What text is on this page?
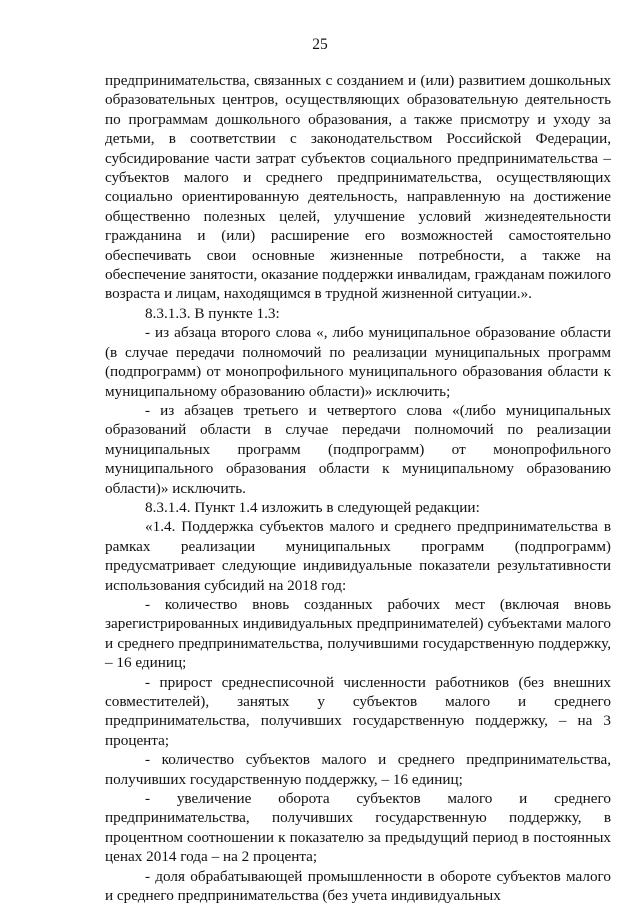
25

предпринимательства, связанных с созданием и (или) развитием дошкольных образовательных центров, осуществляющих образовательную деятельность по программам дошкольного образования, а также присмотру и уходу за детьми, в соответствии с законодательством Российской Федерации, субсидирование части затрат субъектов социального предпринимательства – субъектов малого и среднего предпринимательства, осуществляющих социально ориентированную деятельность, направленную на достижение общественно полезных целей, улучшение условий жизнедеятельности гражданина и (или) расширение его возможностей самостоятельно обеспечивать свои основные жизненные потребности, а также на обеспечение занятости, оказание поддержки инвалидам, гражданам пожилого возраста и лицам, находящимся в трудной жизненной ситуации.».

8.3.1.3. В пункте 1.3:

- из абзаца второго слова «, либо муниципальное образование области (в случае передачи полномочий по реализации муниципальных программ (подпрограмм) от монопрофильного муниципального образования области к муниципальному образованию области)» исключить;

- из абзацев третьего и четвертого слова «(либо муниципальных образований области в случае передачи полномочий по реализации муниципальных программ (подпрограмм) от монопрофильного муниципального образования области к муниципальному образованию области)» исключить.

8.3.1.4. Пункт 1.4 изложить в следующей редакции:

«1.4. Поддержка субъектов малого и среднего предпринимательства в рамках реализации муниципальных программ (подпрограмм) предусматривает следующие индивидуальные показатели результативности использования субсидий на 2018 год:

- количество вновь созданных рабочих мест (включая вновь зарегистрированных индивидуальных предпринимателей) субъектами малого и среднего предпринимательства, получившими государственную поддержку, – 16 единиц;

- прирост среднесписочной численности работников (без внешних совместителей), занятых у субъектов малого и среднего предпринимательства, получивших государственную поддержку, – на 3 процента;

- количество субъектов малого и среднего предпринимательства, получивших государственную поддержку, – 16 единиц;

- увеличение оборота субъектов малого и среднего предпринимательства, получивших государственную поддержку, в процентном соотношении к показателю за предыдущий период в постоянных ценах 2014 года – на 2 процента;

- доля обрабатывающей промышленности в обороте субъектов малого и среднего предпринимательства (без учета индивидуальных
